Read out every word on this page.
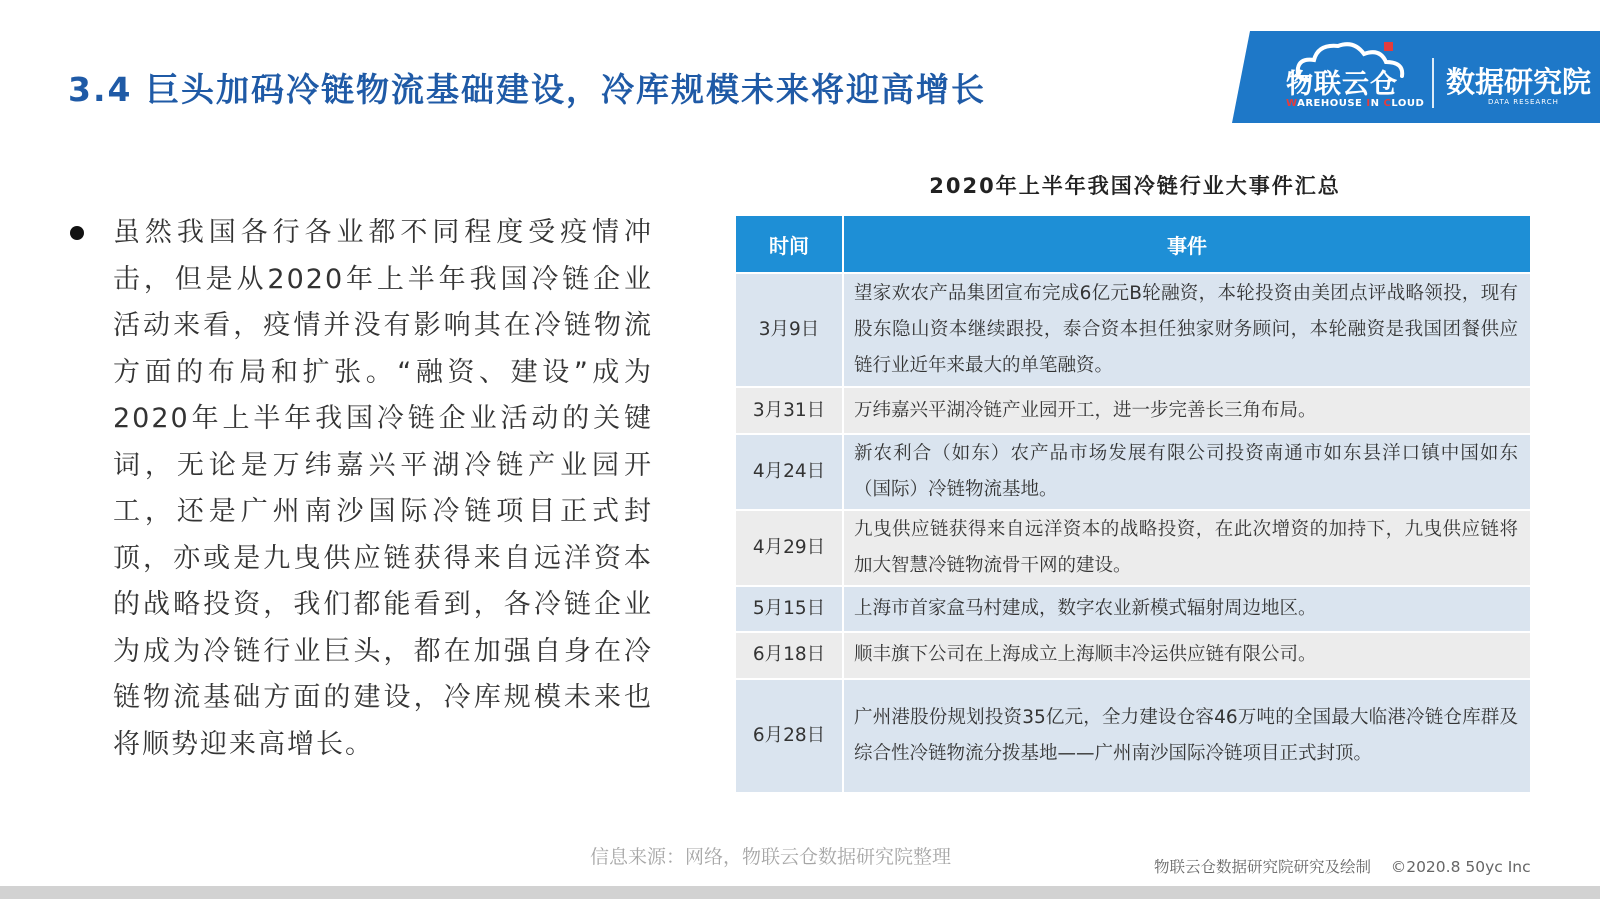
3.4 巨头加码冷链物流基础建设，冷库规模未来将迎高增长	物联云仓
WAREHOUSE IN CLOUD
数据研究院
DATA RESEARCH

虽然我国各行各业都不同程度受疫情冲击，但是从2020年上半年我国冷链企业活动来看，疫情并没有影响其在冷链物流方面的布局和扩张。“融资、建设”成为2020年上半年我国冷链企业活动的关键词，无论是万纬嘉兴平湖冷链产业园开工，还是广州南沙国际冷链项目正式封顶，亦或是九曳供应链获得来自远洋资本的战略投资，我们都能看到，各冷链企业为成为冷链行业巨头，都在加强自身在冷链物流基础方面的建设，冷库规模未来也将顺势迎来高增长。

2020年上半年我国冷链行业大事件汇总
时间	事件
3月9日	望家欢农产品集团宣布完成6亿元B轮融资，本轮投资由美团点评战略领投，现有股东隐山资本继续跟投，泰合资本担任独家财务顾问，本轮融资是我国团餐供应链行业近年来最大的单笔融资。
3月31日	万纬嘉兴平湖冷链产业园开工，进一步完善长三角布局。
4月24日	新农利合（如东）农产品市场发展有限公司投资南通市如东县洋口镇中国如东（国际）冷链物流基地。
4月29日	九曳供应链获得来自远洋资本的战略投资，在此次增资的加持下，九曳供应链将加大智慧冷链物流骨干网的建设。
5月15日	上海市首家盒马村建成，数字农业新模式辐射周边地区。
6月18日	顺丰旗下公司在上海成立上海顺丰冷运供应链有限公司。
6月28日	广州港股份规划投资35亿元，全力建设仓容46万吨的全国最大临港冷链仓库群及综合性冷链物流分拨基地——广州南沙国际冷链项目正式封顶。
信息来源：网络，物联云仓数据研究院整理	物联云仓数据研究院研究及绘制    ©2020.8 50yc Inc
